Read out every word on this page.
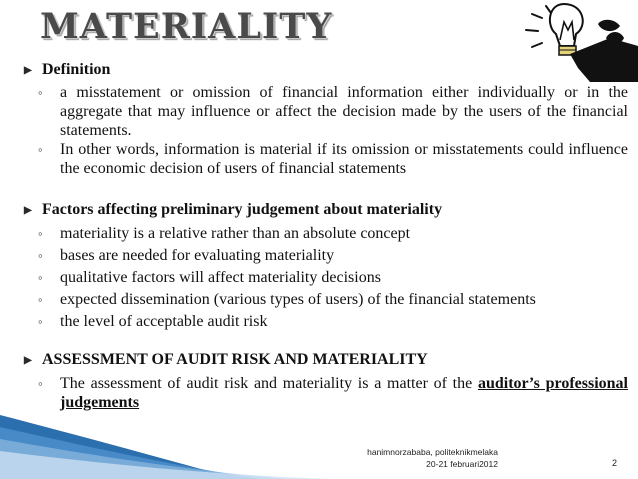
MATERIALITY
▶ Definition
◦	a misstatement or omission of financial information either individually or in the aggregate that may influence or affect the decision made by the users of the financial statements.
◦	In other words, information is material if its omission or misstatements could influence the economic decision of users of financial statements
▶ Factors affecting preliminary judgement about materiality
◦	materiality is a relative rather than an absolute concept
◦	bases are needed for evaluating materiality
◦	qualitative factors will affect materiality decisions
◦	expected dissemination (various types of users) of the financial statements
◦	the level of acceptable audit risk
▶ ASSESSMENT OF AUDIT RISK AND MATERIALITY
◦	The assessment of audit risk and materiality is a matter of the auditor’s professional judgements
hanimnorzababa, politeknikmelaka
20-21 februari2012	2
